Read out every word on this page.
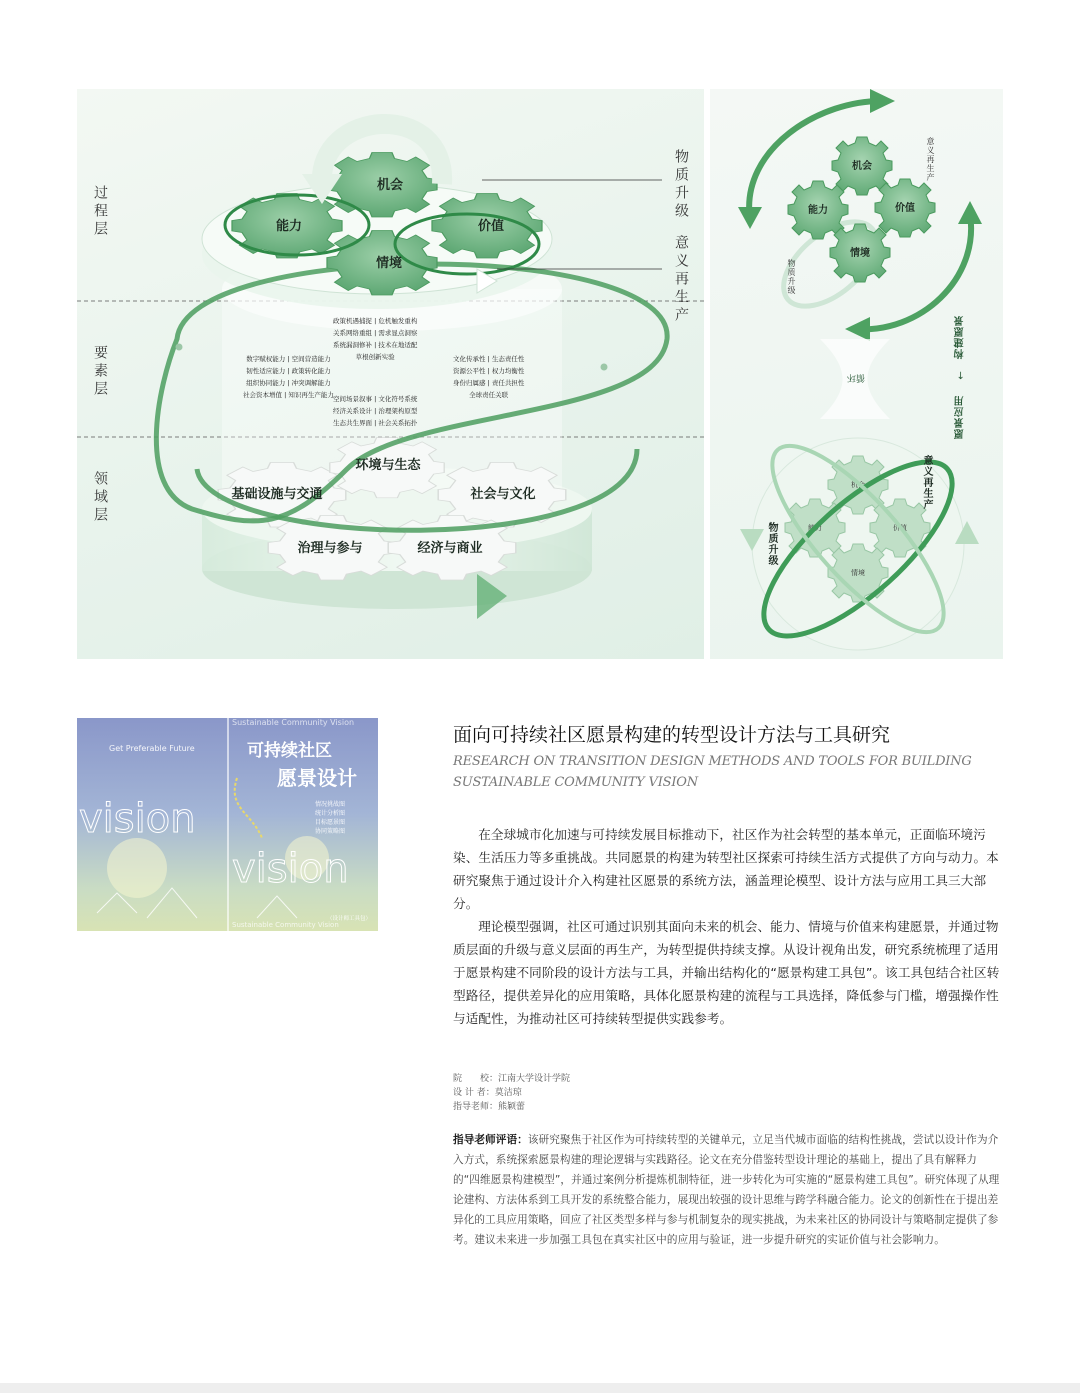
机会
能力	价值
情境
环境与生态
基础设施与交通	社会与文化
治理与参与	经济与商业
过程层
要素层
领域层
物质升级
意义再生产
政策机遇捕捉 | 危机触发重构
关系网络重组 | 需求显点洞察
系统漏洞修补 | 技术在地适配
草根创新实验
数字赋权能力 | 空间营造能力
韧性适应能力 | 政策转化能力
组织协同能力 | 冲突调解能力
社会资本增值 | 知识再生产能力
文化传承性 | 生态责任性
资源公平性 | 权力均衡性
身份归属感 | 责任共担性
全球责任关联
空间场景叙事 | 文化符号系统
经济关系设计 | 治理架构原型
生态共生界面 | 社会关系拓扑
机会
能力	价值
情境
机会
能力	价值
情境
意义再生产
物质升级
构建愿景
→
愿景应用
循环
意义再生产
物质升级
Get Preferable Future
Sustainable Community Vision
可持续社区
愿景设计
vision
vision
情况挑战图
统计分析图
目标愿景图
协同策略图
（设计师工具包）
Sustainable Community Vision
面向可持续社区愿景构建的转型设计方法与工具研究
RESEARCH ON TRANSITION DESIGN METHODS AND TOOLS FOR BUILDING
SUSTAINABLE COMMUNITY VISION
在全球城市化加速与可持续发展目标推动下，社区作为社会转型的基本单元，正面临环境污染、生活压力等多重挑战。共同愿景的构建为转型社区探索可持续生活方式提供了方向与动力。本研究聚焦于通过设计介入构建社区愿景的系统方法，涵盖理论模型、设计方法与应用工具三大部分。
理论模型强调，社区可通过识别其面向未来的机会、能力、情境与价值来构建愿景，并通过物质层面的升级与意义层面的再生产，为转型提供持续支撑。从设计视角出发，研究系统梳理了适用于愿景构建不同阶段的设计方法与工具，并输出结构化的“愿景构建工具包”。该工具包结合社区转型路径，提供差异化的应用策略，具体化愿景构建的流程与工具选择，降低参与门槛，增强操作性与适配性，为推动社区可持续转型提供实践参考。
院　　校：江南大学设计学院
设 计 者：莫洁琼
指导老师：熊颖蕾
指导老师评语：该研究聚焦于社区作为可持续转型的关键单元，立足当代城市面临的结构性挑战，尝试以设计作为介入方式，系统探索愿景构建的理论逻辑与实践路径。论文在充分借鉴转型设计理论的基础上，提出了具有解释力的“四维愿景构建模型”，并通过案例分析提炼机制特征，进一步转化为可实施的“愿景构建工具包”。研究体现了从理论建构、方法体系到工具开发的系统整合能力，展现出较强的设计思维与跨学科融合能力。论文的创新性在于提出差异化的工具应用策略，回应了社区类型多样与参与机制复杂的现实挑战，为未来社区的协同设计与策略制定提供了参考。建议未来进一步加强工具包在真实社区中的应用与验证，进一步提升研究的实证价值与社会影响力。
